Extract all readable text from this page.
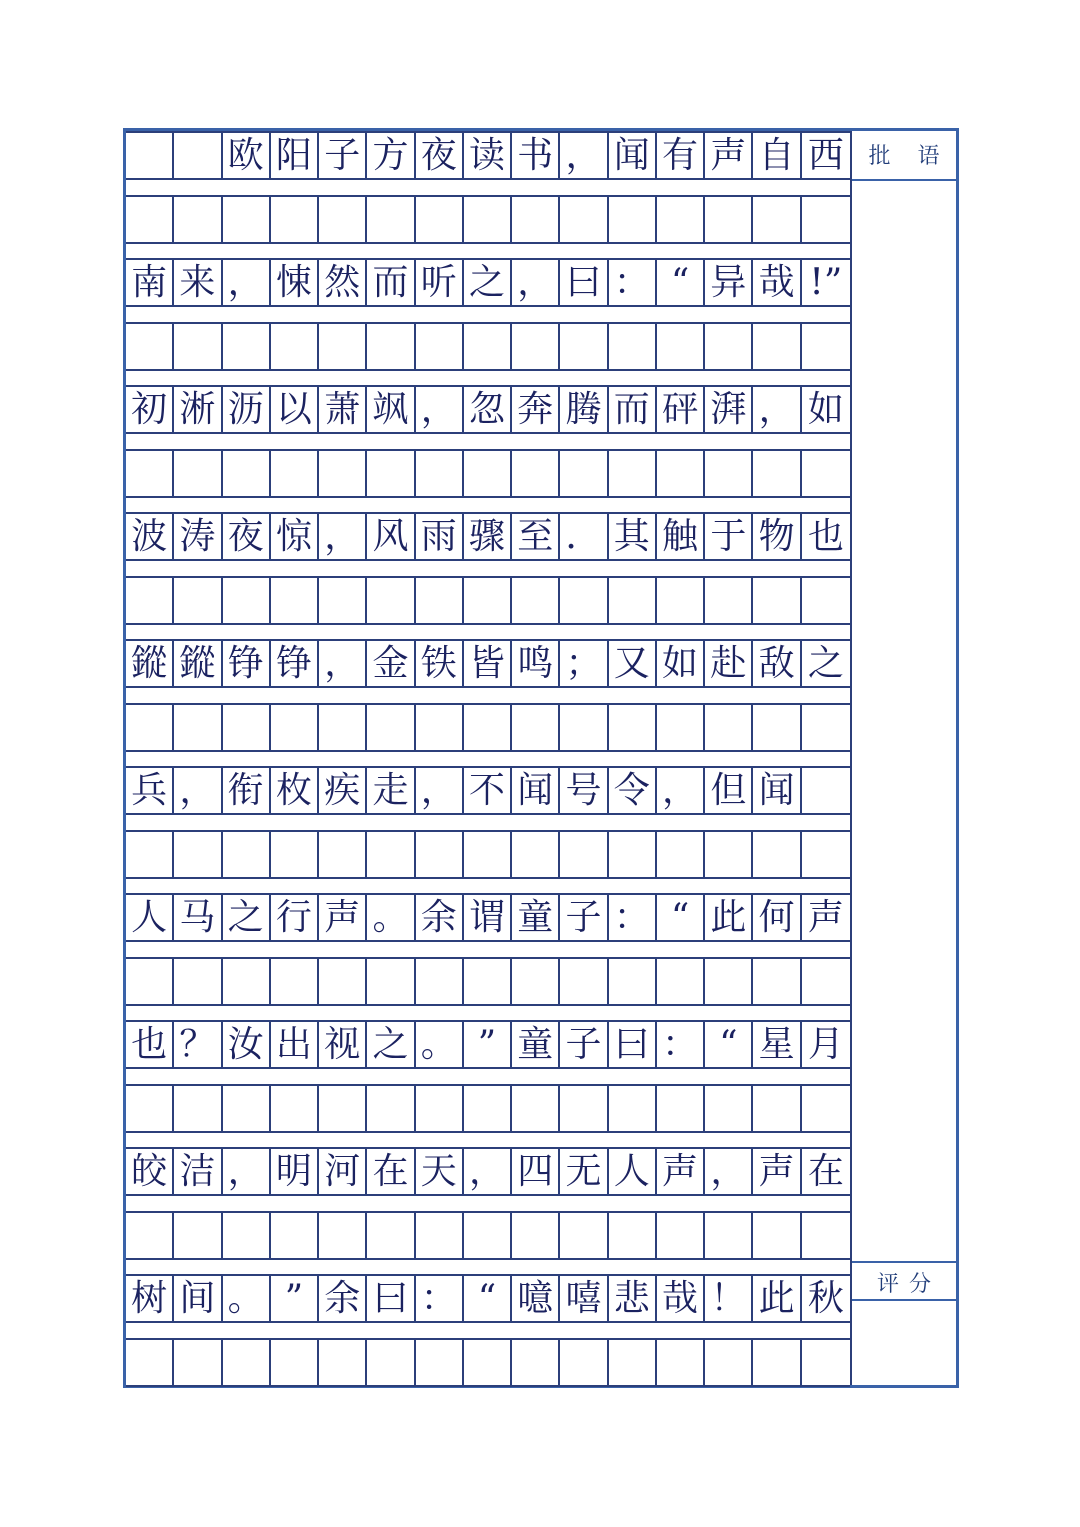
欧 阳 子 方 夜 读 书 ， 闻 有 声 自 西
南 来 ， 悚 然 而 听 之 ， 曰 ： “ 异 哉 !”
初 淅 沥 以 萧 飒 ， 忽 奔 腾 而 砰 湃 ， 如
波 涛 夜 惊 ， 风 雨 骤 至 ． 其 触 于 物 也
鏦 鏦 铮 铮 ， 金 铁 皆 鸣 ； 又 如 赴 敌 之
兵 ， 衔 枚 疾 走 ， 不 闻 号 令 ， 但 闻
人 马 之 行 声 。 余 谓 童 子 ： “ 此 何 声
也 ？ 汝 出 视 之 。 ” 童 子 曰 ： “ 星 月
皎 洁 ， 明 河 在 天 ， 四 无 人 声 ， 声 在
树 间 。 ” 余 曰 ： “ 噫 嘻 悲 哉 ！ 此 秋
批 语
评分
